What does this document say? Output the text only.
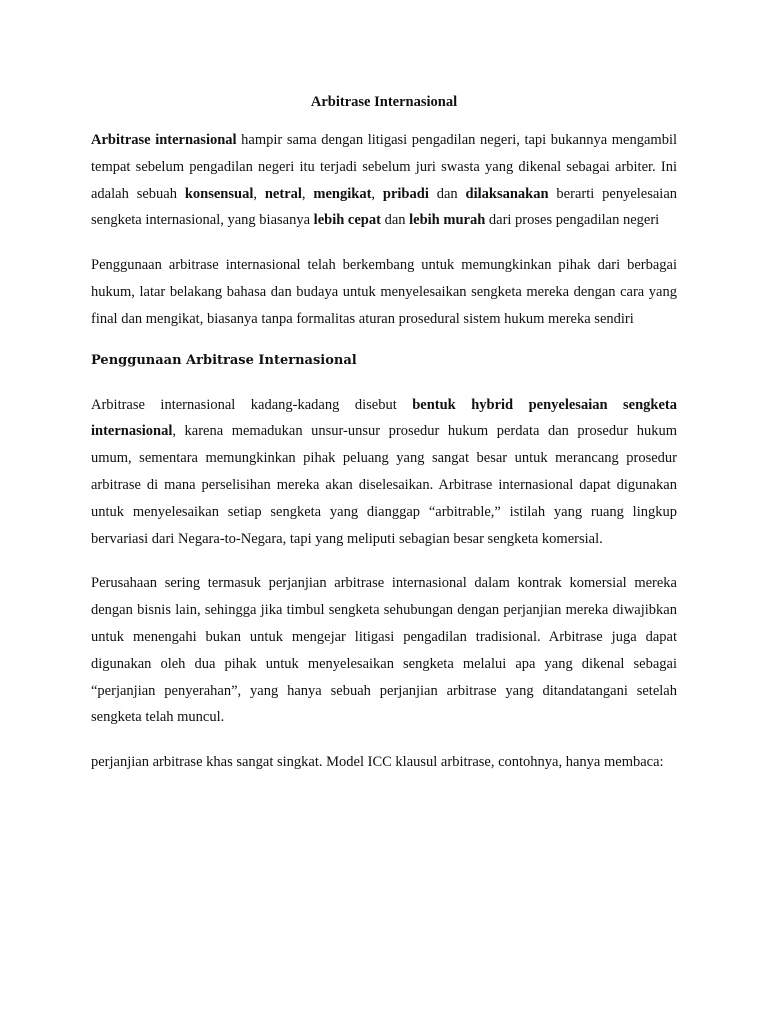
Arbitrase Internasional

Arbitrase internasional hampir sama dengan litigasi pengadilan negeri, tapi bukannya mengambil tempat sebelum pengadilan negeri itu terjadi sebelum juri swasta yang dikenal sebagai arbiter. Ini adalah sebuah konsensual, netral, mengikat, pribadi dan dilaksanakan berarti penyelesaian sengketa internasional, yang biasanya lebih cepat dan lebih murah dari proses pengadilan negeri

Penggunaan arbitrase internasional telah berkembang untuk memungkinkan pihak dari berbagai hukum, latar belakang bahasa dan budaya untuk menyelesaikan sengketa mereka dengan cara yang final dan mengikat, biasanya tanpa formalitas aturan prosedural sistem hukum mereka sendiri

Penggunaan Arbitrase Internasional

Arbitrase internasional kadang-kadang disebut bentuk hybrid penyelesaian sengketa internasional, karena memadukan unsur-unsur prosedur hukum perdata dan prosedur hukum umum, sementara memungkinkan pihak peluang yang sangat besar untuk merancang prosedur arbitrase di mana perselisihan mereka akan diselesaikan. Arbitrase internasional dapat digunakan untuk menyelesaikan setiap sengketa yang dianggap “arbitrable,” istilah yang ruang lingkup bervariasi dari Negara-to-Negara, tapi yang meliputi sebagian besar sengketa komersial.

Perusahaan sering termasuk perjanjian arbitrase internasional dalam kontrak komersial mereka dengan bisnis lain, sehingga jika timbul sengketa sehubungan dengan perjanjian mereka diwajibkan untuk menengahi bukan untuk mengejar litigasi pengadilan tradisional. Arbitrase juga dapat digunakan oleh dua pihak untuk menyelesaikan sengketa melalui apa yang dikenal sebagai “perjanjian penyerahan”, yang hanya sebuah perjanjian arbitrase yang ditandatangani setelah sengketa telah muncul.

perjanjian arbitrase khas sangat singkat. Model ICC klausul arbitrase, contohnya, hanya membaca:
